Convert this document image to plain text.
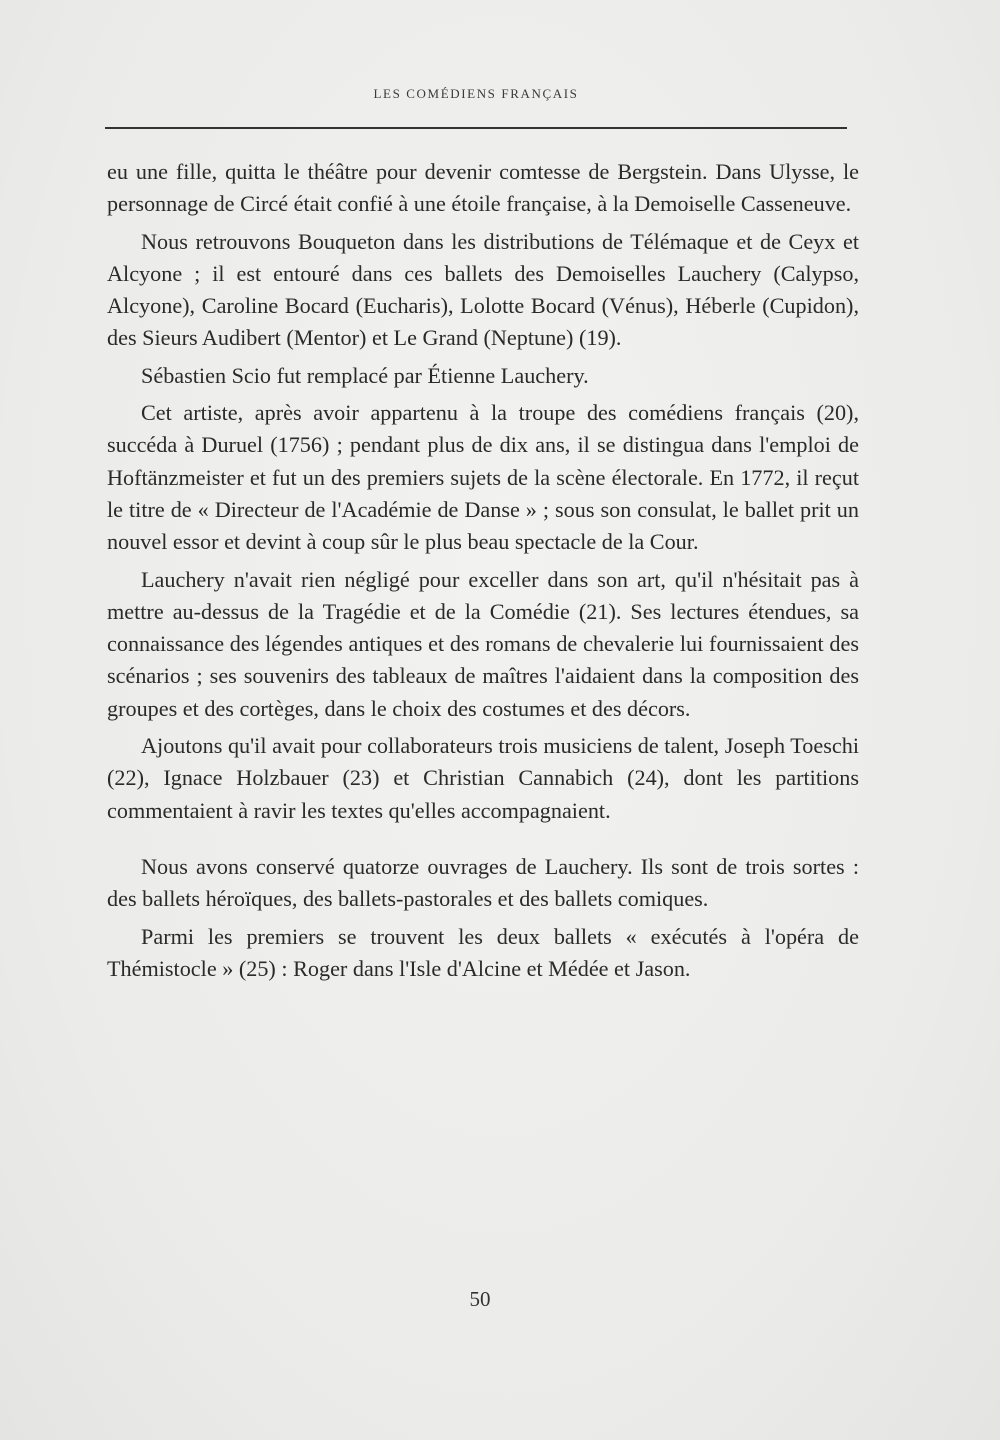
LES COMÉDIENS FRANÇAIS

eu une fille, quitta le théâtre pour devenir comtesse de Bergstein. Dans Ulysse, le personnage de Circé était confié à une étoile française, à la Demoiselle Casseneuve.

Nous retrouvons Bouqueton dans les distributions de Télémaque et de Ceyx et Alcyone ; il est entouré dans ces ballets des Demoiselles Lauchery (Calypso, Alcyone), Caroline Bocard (Eucharis), Lolotte Bocard (Vénus), Héberle (Cupidon), des Sieurs Audibert (Mentor) et Le Grand (Neptune) (19).

Sébastien Scio fut remplacé par Étienne Lauchery.

Cet artiste, après avoir appartenu à la troupe des comédiens français (20), succéda à Duruel (1756) ; pendant plus de dix ans, il se distingua dans l'emploi de Hoftänzmeister et fut un des premiers sujets de la scène électorale. En 1772, il reçut le titre de « Directeur de l'Académie de Danse » ; sous son consulat, le ballet prit un nouvel essor et devint à coup sûr le plus beau spectacle de la Cour.

Lauchery n'avait rien négligé pour exceller dans son art, qu'il n'hésitait pas à mettre au-dessus de la Tragédie et de la Comédie (21). Ses lectures étendues, sa connaissance des légendes antiques et des romans de chevalerie lui fournissaient des scénarios ; ses souvenirs des tableaux de maîtres l'aidaient dans la composition des groupes et des cortèges, dans le choix des costumes et des décors.

Ajoutons qu'il avait pour collaborateurs trois musiciens de talent, Joseph Toeschi (22), Ignace Holzbauer (23) et Christian Cannabich (24), dont les partitions commentaient à ravir les textes qu'elles accompagnaient.

Nous avons conservé quatorze ouvrages de Lauchery. Ils sont de trois sortes : des ballets héroïques, des ballets-pastorales et des ballets comiques.

Parmi les premiers se trouvent les deux ballets « exécutés à l'opéra de Thémistocle » (25) : Roger dans l'Isle d'Alcine et Médée et Jason.

50
